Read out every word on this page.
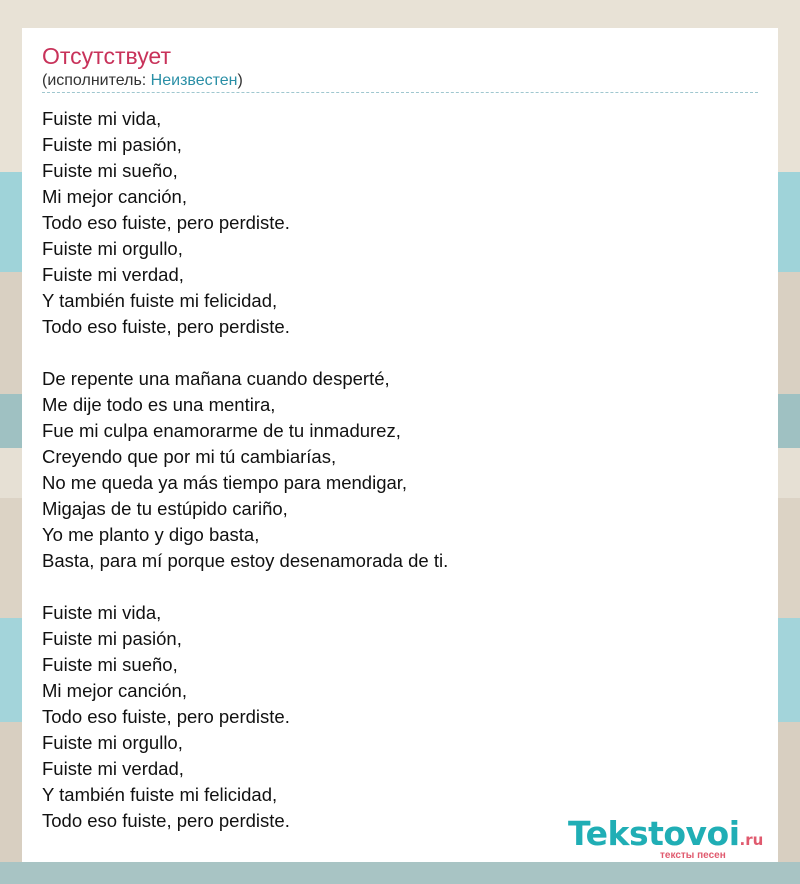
Отсутствует
(исполнитель: Неизвестен)
Fuiste mi vida,
Fuiste mi pasión,
Fuiste mi sueño,
Mi mejor canción,
Todo eso fuiste, pero perdiste.
Fuiste mi orgullo,
Fuiste mi verdad,
Y también fuiste mi felicidad,
Todo eso fuiste, pero perdiste.
De repente una mañana cuando desperté,
Me dije todo es una mentira,
Fue mi culpa enamorarme de tu inmadurez,
Creyendo que por mi tú cambiarías,
No me queda ya más tiempo para mendigar,
Migajas de tu estúpido cariño,
Yo me planto y digo basta,
Basta, para mí porque estoy desenamorada de ti.
Fuiste mi vida,
Fuiste mi pasión,
Fuiste mi sueño,
Mi mejor canción,
Todo eso fuiste, pero perdiste.
Fuiste mi orgullo,
Fuiste mi verdad,
Y también fuiste mi felicidad,
Todo eso fuiste, pero perdiste.	Tekstovoi.ru
тексты песен
